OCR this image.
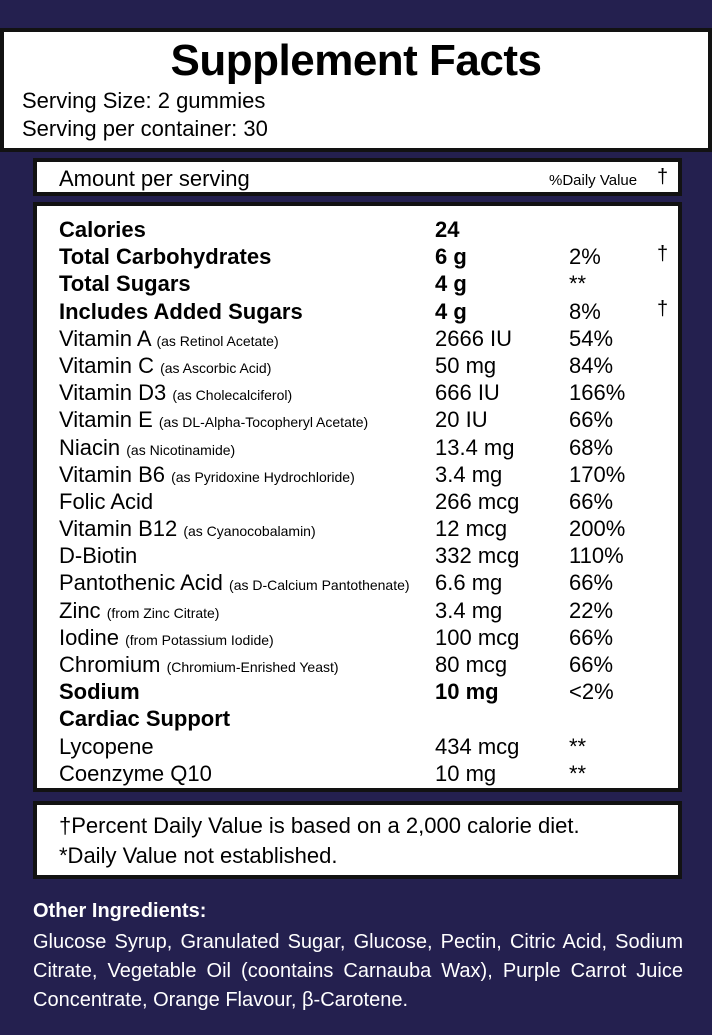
Supplement Facts
Serving Size: 2 gummies
Serving per container: 30
Amount per serving	%Daily Value †
Calories	24
Total Carbohydrates	6 g	2%	†
Total Sugars	4 g	**
Includes Added Sugars	4 g	8%	†
Vitamin A (as Retinol Acetate)	2666 IU	54%
Vitamin C (as Ascorbic Acid)	50 mg	84%
Vitamin D3 (as Cholecalciferol)	666 IU	166%
Vitamin E (as DL-Alpha-Tocopheryl Acetate)	20 IU	66%
Niacin (as Nicotinamide)	13.4 mg 68%
Vitamin B6 (as Pyridoxine Hydrochloride)	3.4 mg	170%
Folic Acid	266 mcg 66%
Vitamin B12 (as Cyanocobalamin)	12 mcg	200%
D-Biotin	332 mcg 110%
Pantothenic Acid (as D-Calcium Pantothenate) 6.6 mg	66%
Zinc (from Zinc Citrate)	3.4 mg	22%
Iodine (from Potassium Iodide)	100 mcg 66%
Chromium (Chromium-Enrished Yeast)	80 mcg	66%
Sodium	10 mg	<2%
Cardiac Support
Lycopene	434 mcg **
Coenzyme Q10	10 mg	**
†Percent Daily Value is based on a 2,000 calorie diet.
*Daily Value not established.
Other Ingredients:
Glucose Syrup, Granulated Sugar, Glucose, Pectin, Citric Acid, Sodium Citrate, Vegetable Oil (coontains Carnauba Wax), Purple Carrot Juice Concentrate, Orange Flavour, β-Carotene.
